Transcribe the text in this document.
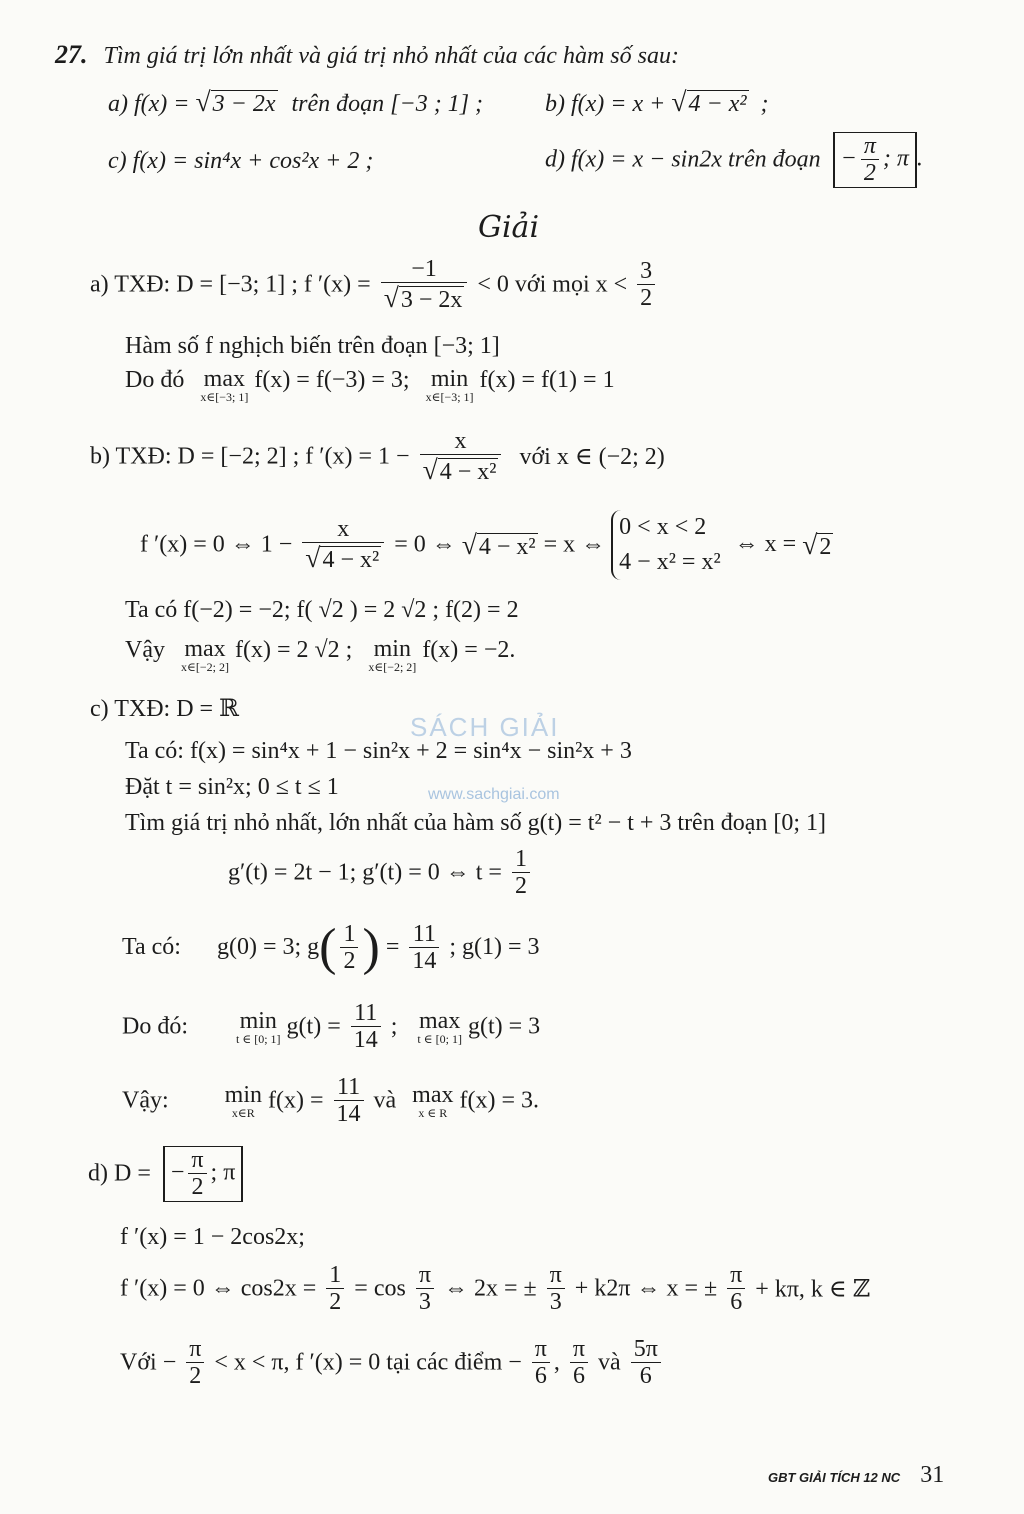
27. Tìm giá trị lớn nhất và giá trị nhỏ nhất của các hàm số sau:
a) f(x) = √3 − 2x trên đoạn [−3 ; 1] ;	b) f(x) = x + √4 − x² ;
c) f(x) = sin⁴x + cos²x + 2 ;	d) f(x) = x − sin2x trên đoạn − $\frac{\pi}{2}$ ; π .
Giải
a) TXĐ: D = [−3; 1] ; f $'(x) = \frac{-1}{√3 - 2x} < 0$ với mọi $x < \frac{3}{2}$
Hàm số f nghịch biến trên đoạn [−3; 1]
Do đó max
x∈[−3; 1]
f(x) = f(−3) = 3; min
x∈[−3; 1]
f(x) = f(1) = 1
b) TXĐ: D = [−2; 2] ; f $'(x) = 1 - \frac{x}{\text{√4 − x²}}$ với x ∈ (−2; 2)
f ′(x) = 0 ⇔ $1 - \frac{x}{\text{√4 − x²}} = 0$ ⇔ √4 − x² = x ⇔
0 < x < 2
4 − x² = x²
⇔ x = √2
Ta có f(−2) = −2; f( √2 ) = 2 √2 ; f(2) = 2
Vậy max
x∈[−2; 2]
f(x) = 2 √2 ; min
x∈[−2; 2]
f(x) = −2.
c) TXĐ: D = ℝ
Ta có: f(x) = sin⁴x + 1 − sin²x + 2 = sin⁴x − sin²x + 3
Đặt t = sin²x; 0 ≤ t ≤ 1
Tìm giá trị nhỏ nhất, lớn nhất của hàm số g(t) = t² − t + 3 trên đoạn [0; 1]
g′(t) = 2t − 1; g′(t) = 0 ⇔ $t = \frac{1}{2}$
Ta có: g(0) = 3; $g( \frac{1}{2}$ ) = $\frac{11}{14}$ ; g(1) = 3
Do đó: min
t ∈ [0; 1] $g(t) = \frac{11}{14}$ ; max
t ∈ [0; 1] g(t) = 3
Vậy: min
x∈R $f(x) = \frac{11}{14}$ và max
x ∈ R f(x) = 3.
d) D = − $\frac{\pi}{2}$ ; π
f ′(x) = 1 − 2cos2x;
f ′(x) = 0 ⇔ $\cos 2x = \frac{1}{2} = \cos \frac{\pi}{3}$ ⇔ 2x = ± $\frac{\pi}{3} + k2\pi$ ⇔ x = ± $\frac{\pi}{6} + k\pi$, k ∈ ℤ
Với − $\frac{\pi}{2} < x < \pi$, f ′(x) = 0 tại các điểm − $\frac{\pi}{6}$ , $\frac{\pi}{6}$ và $\frac{5\pi}{6}$
SÁCH GIẢI
www.sachgiai.com
GBT GIẢI TÍCH 12 NC 31
